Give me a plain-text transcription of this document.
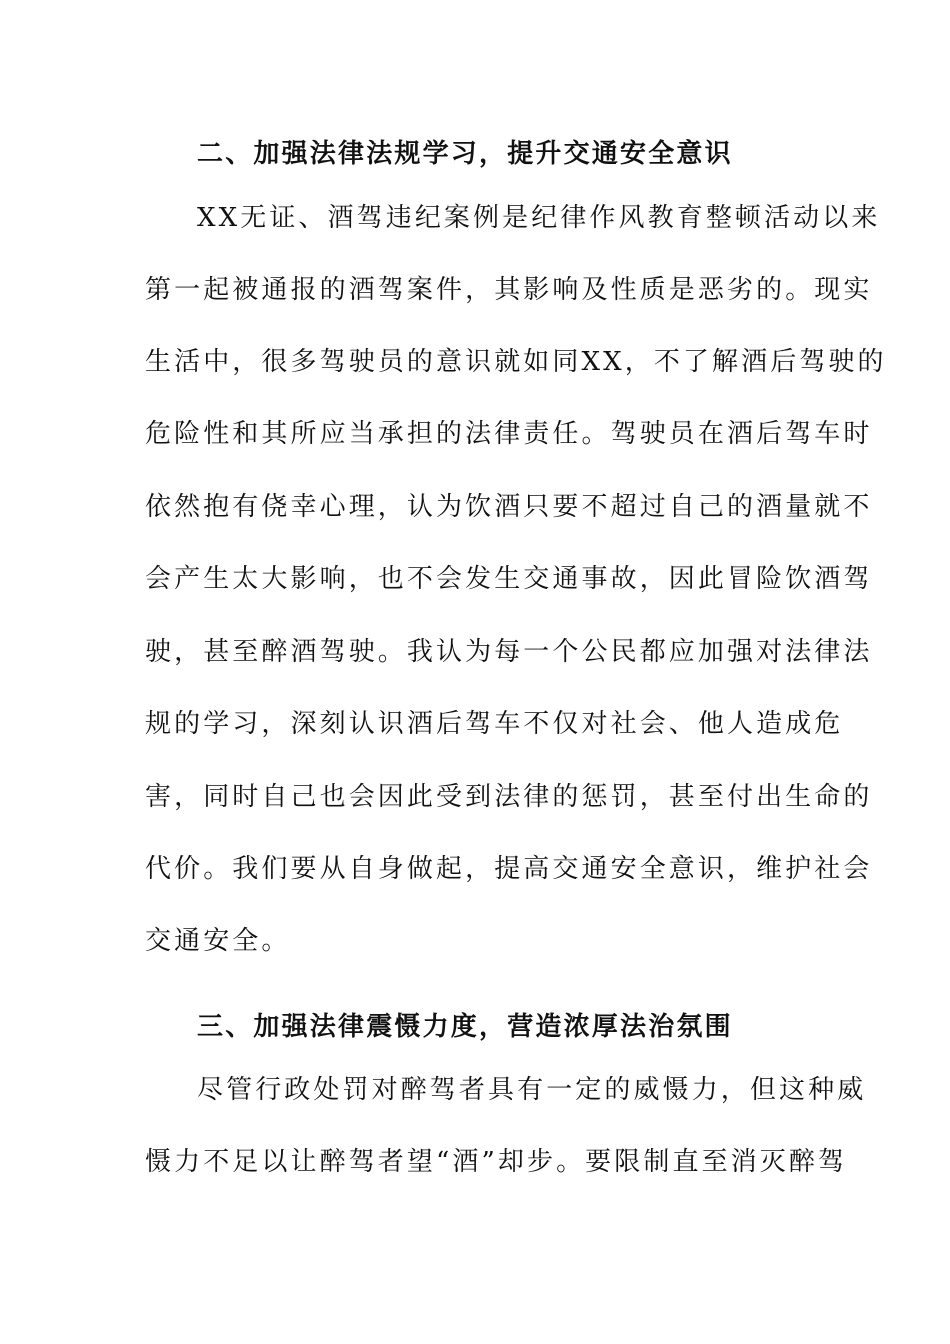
二、加强法律法规学习，提升交通安全意识
XX无证、酒驾违纪案例是纪律作风教育整顿活动以来
第一起被通报的酒驾案件，其影响及性质是恶劣的。现实
生活中，很多驾驶员的意识就如同XX，不了解酒后驾驶的
危险性和其所应当承担的法律责任。驾驶员在酒后驾车时
依然抱有侥幸心理，认为饮酒只要不超过自己的酒量就不
会产生太大影响，也不会发生交通事故，因此冒险饮酒驾
驶，甚至醉酒驾驶。我认为每一个公民都应加强对法律法
规的学习，深刻认识酒后驾车不仅对社会、他人造成危
害，同时自己也会因此受到法律的惩罚，甚至付出生命的
代价。我们要从自身做起，提高交通安全意识，维护社会
交通安全。
三、加强法律震慑力度，营造浓厚法治氛围
尽管行政处罚对醉驾者具有一定的威慑力，但这种威
慑力不足以让醉驾者望“酒”却步。要限制直至消灭醉驾
